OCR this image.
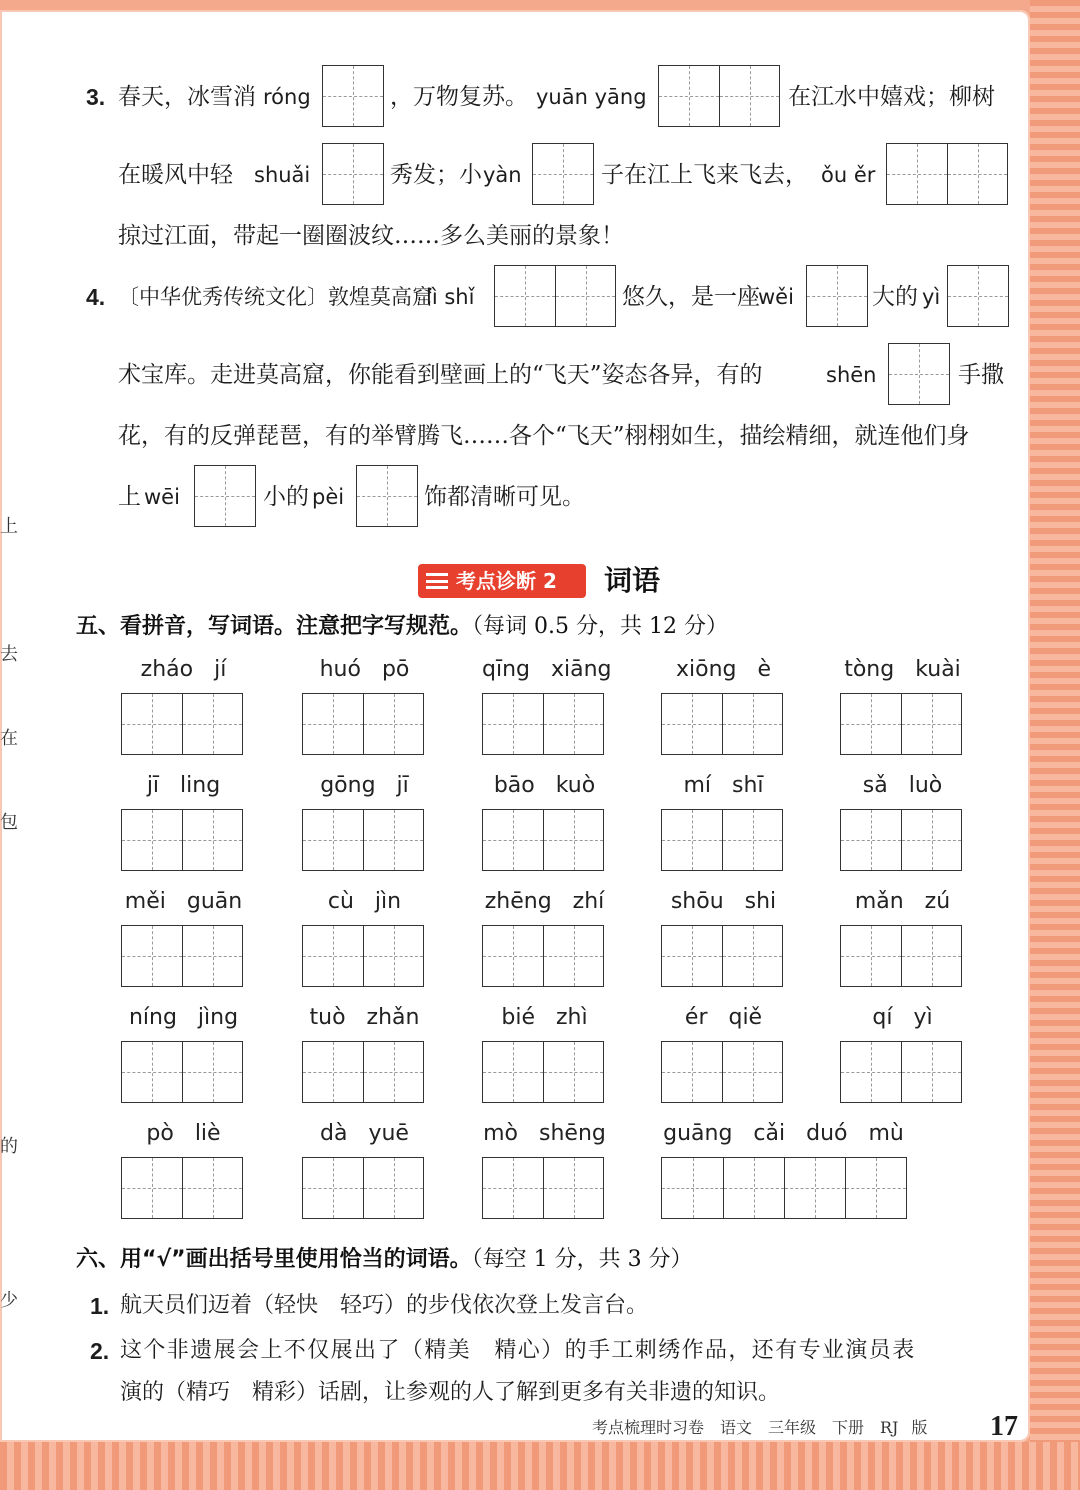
上
去
在
包
的
少
3. 春天，冰雪消 róng	，万物复苏。 yuān yāng	在江水中嬉戏；柳树
在暖风中轻 shuǎi	秀发；小 yàn	子在江上飞来飞去， ǒu ěr
掠过江面，带起一圈圈波纹……多么美丽的景象！
4. 〔中华优秀传统文化〕敦煌莫高窟
lì shǐ	悠久，是一座
wěi	大的 yì
术宝库。走进莫高窟，你能看到壁画上的“飞天”姿态各异，有的	shēn	手撒
花，有的反弹琵琶，有的举臂腾飞……各个“飞天”栩栩如生，描绘精细，就连他们身
上 wēi	小的 pèi	饰都清晰可见。
考点诊断 2 词语
五、看拼音，写词语。注意把字写规范。（每词 0.5 分，共 12 分）
zháo jí	huó pō	qīng xiāng	xiōng è	tòng kuài
jī ling	gōng jī	bāo kuò	mí shī	sǎ luò
měi guān	cù jìn	zhēng zhí	shōu shi	mǎn zú
níng jìng	tuò zhǎn	bié zhì	ér qiě	qí yì
pò liè	dà yuē	mò shēng	guāng cǎi duó mù
六、用“√”画出括号里使用恰当的词语。（每空 1 分，共 3 分）
1. 航天员们迈着（轻快　轻巧）的步伐依次登上发言台。
2. 这个非遗展会上不仅展出了（精美　精心）的手工刺绣作品，还有专业演员表
演的（精巧　精彩）话剧，让参观的人了解到更多有关非遗的知识。
考点梳理时习卷　语文　三年级　下册　RJ 版 17
